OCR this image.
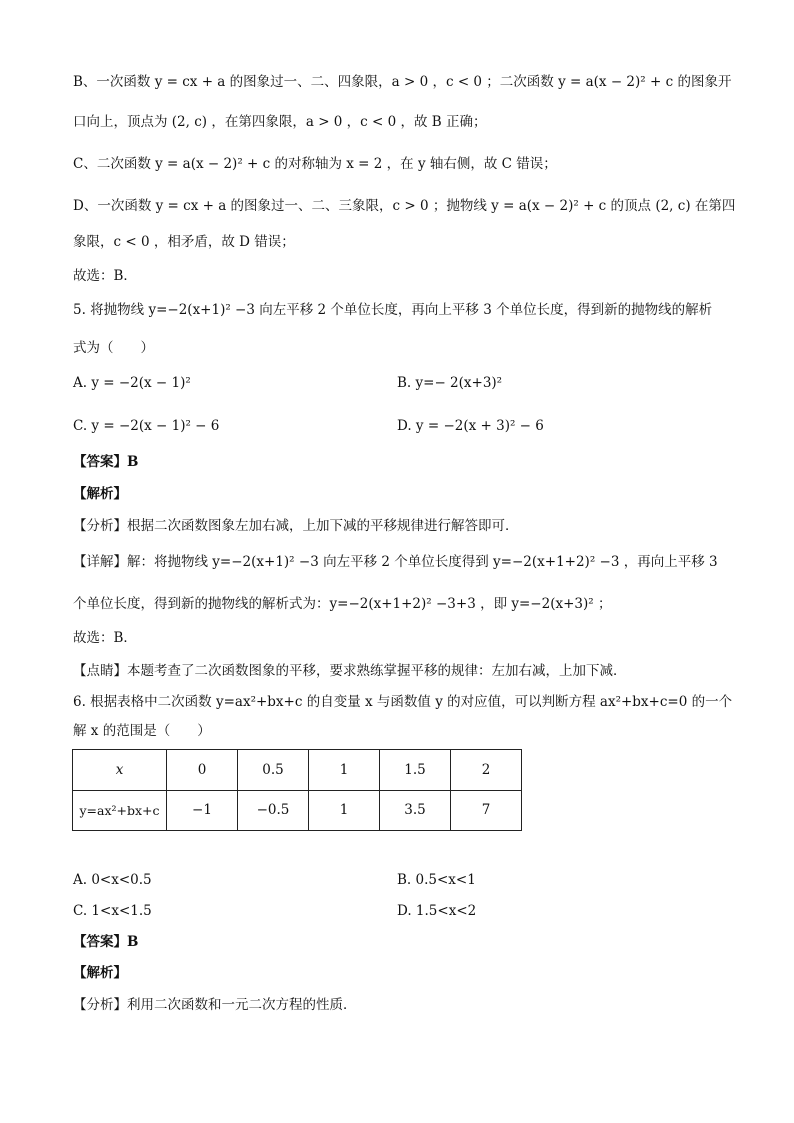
B、一次函数 y = cx + a 的图象过一、二、四象限，a > 0 ，c < 0 ；二次函数 y = a(x − 2)² + c 的图象开
口向上，顶点为 (2, c) ，在第四象限，a > 0 ，c < 0 ，故 B 正确；
C、二次函数 y = a(x − 2)² + c 的对称轴为 x = 2 ，在 y 轴右侧，故 C 错误；
D、一次函数 y = cx + a 的图象过一、二、三象限，c > 0 ；抛物线 y = a(x − 2)² + c 的顶点 (2, c) 在第四
象限，c < 0 ，相矛盾，故 D 错误；
故选：B．
5. 将抛物线 y=−2(x+1)² −3 向左平移 2 个单位长度，再向上平移 3 个单位长度，得到新的抛物线的解析
式为（　　）
A. y = −2(x − 1)²	B. y=− 2(x+3)²
C. y = −2(x − 1)² − 6	D. y = −2(x + 3)² − 6
【答案】B
【解析】
【分析】根据二次函数图象左加右减，上加下减的平移规律进行解答即可．
【详解】解：将抛物线 y=−2(x+1)² −3 向左平移 2 个单位长度得到 y=−2(x+1+2)² −3 ，再向上平移 3
个单位长度，得到新的抛物线的解析式为：y=−2(x+1+2)² −3+3 ，即 y=−2(x+3)² ；
故选：B．
【点睛】本题考查了二次函数图象的平移，要求熟练掌握平移的规律：左加右减，上加下减．
6. 根据表格中二次函数 y=ax²+bx+c 的自变量 x 与函数值 y 的对应值，可以判断方程 ax²+bx+c=0 的一个
解 x 的范围是（　　）
x	0	0.5	1	1.5	2
y=ax²+bx+c	−1	−0.5	1	3.5	7
A. 0<x<0.5	B. 0.5<x<1
C. 1<x<1.5	D. 1.5<x<2
【答案】B
【解析】
【分析】利用二次函数和一元二次方程的性质．
